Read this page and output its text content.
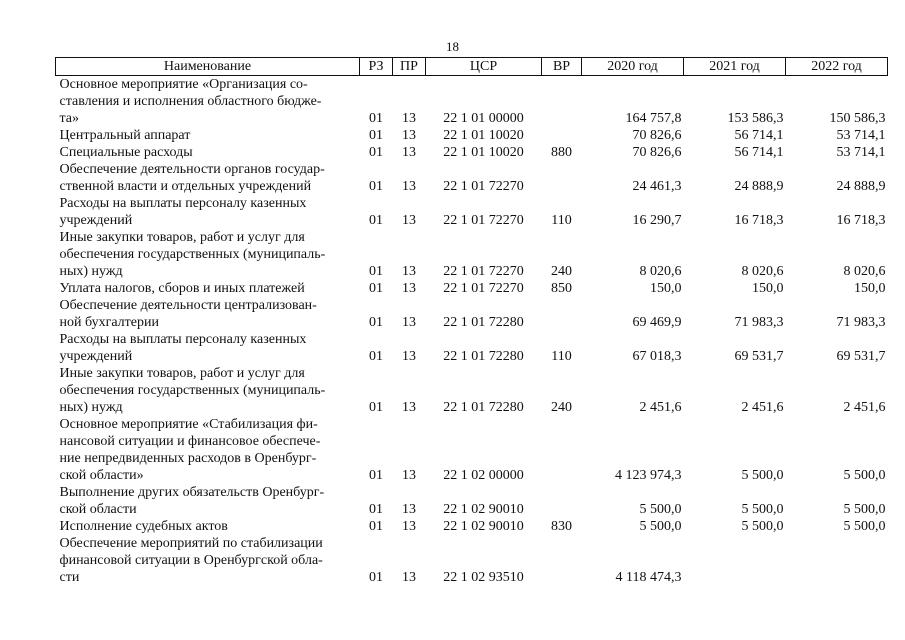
18
Наименование	РЗ	ПР	ЦСР	ВР	2020 год	2021 год	2022 год

Основное мероприятие «Организация со-
ставления и исполнения областного бюдже-
та»	01	13	22 1 01 00000		164 757,8	153 586,3	150 586,3

Центральный аппарат	01	13	22 1 01 10020		70 826,6	56 714,1	53 714,1

Специальные расходы	01	13	22 1 01 10020	880	70 826,6	56 714,1	53 714,1

Обеспечение деятельности органов государ-
ственной власти и отдельных учреждений	01	13	22 1 01 72270		24 461,3	24 888,9	24 888,9

Расходы на выплаты персоналу казенных
учреждений	01	13	22 1 01 72270	110	16 290,7	16 718,3	16 718,3

Иные закупки товаров, работ и услуг для
обеспечения государственных (муниципаль-
ных) нужд	01	13	22 1 01 72270	240	8 020,6	8 020,6	8 020,6

Уплата налогов, сборов и иных платежей	01	13	22 1 01 72270	850	150,0	150,0	150,0

Обеспечение деятельности централизован-
ной бухгалтерии	01	13	22 1 01 72280		69 469,9	71 983,3	71 983,3

Расходы на выплаты персоналу казенных
учреждений	01	13	22 1 01 72280	110	67 018,3	69 531,7	69 531,7

Иные закупки товаров, работ и услуг для
обеспечения государственных (муниципаль-
ных) нужд	01	13	22 1 01 72280	240	2 451,6	2 451,6	2 451,6

Основное мероприятие «Стабилизация фи-
нансовой ситуации и финансовое обеспече-
ние непредвиденных расходов в Оренбург-
ской области»	01	13	22 1 02 00000		4 123 974,3	5 500,0	5 500,0

Выполнение других обязательств Оренбург-
ской области	01	13	22 1 02 90010		5 500,0	5 500,0	5 500,0

Исполнение судебных актов	01	13	22 1 02 90010	830	5 500,0	5 500,0	5 500,0

Обеспечение мероприятий по стабилизации
финансовой ситуации в Оренбургской обла-
сти	01	13	22 1 02 93510		4 118 474,3		
